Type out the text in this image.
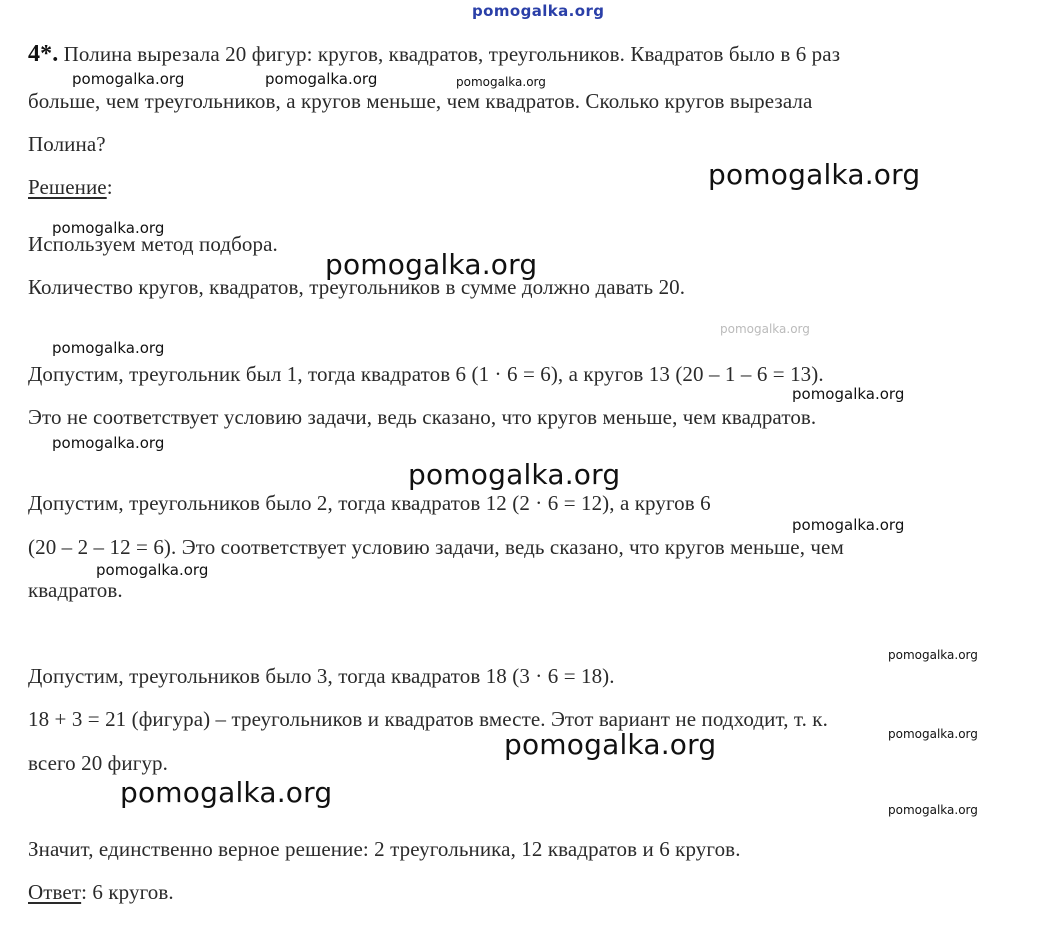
pomogalka.org
4*. Полина вырезала 20 фигур: кругов, квадратов, треугольников. Квадратов было в 6 раз
больше, чем треугольников, а кругов меньше, чем квадратов. Сколько кругов вырезала
Полина?
Решение:
Используем метод подбора.
Количество кругов, квадратов, треугольников в сумме должно давать 20.
Допустим, треугольник был 1, тогда квадратов 6 (1 · 6 = 6), а кругов 13 (20 – 1 – 6 = 13).
Это не соответствует условию задачи, ведь сказано, что кругов меньше, чем квадратов.
Допустим, треугольников было 2, тогда квадратов 12 (2 · 6 = 12), а кругов 6
(20 – 2 – 12 = 6). Это соответствует условию задачи, ведь сказано, что кругов меньше, чем
квадратов.
Допустим, треугольников было 3, тогда квадратов 18 (3 · 6 = 18).
18 + 3 = 21 (фигура) – треугольников и квадратов вместе. Этот вариант не подходит, т. к.
всего 20 фигур.
Значит, единственно верное решение: 2 треугольника, 12 квадратов и 6 кругов.
Ответ: 6 кругов.
pomogalka.org	pomogalka.org	pomogalka.org
pomogalka.org
pomogalka.org
pomogalka.org
pomogalka.org
pomogalka.org
pomogalka.org
pomogalka.org
pomogalka.org
pomogalka.org
pomogalka.org
pomogalka.org
pomogalka.org
pomogalka.org
pomogalka.org
pomogalka.org
